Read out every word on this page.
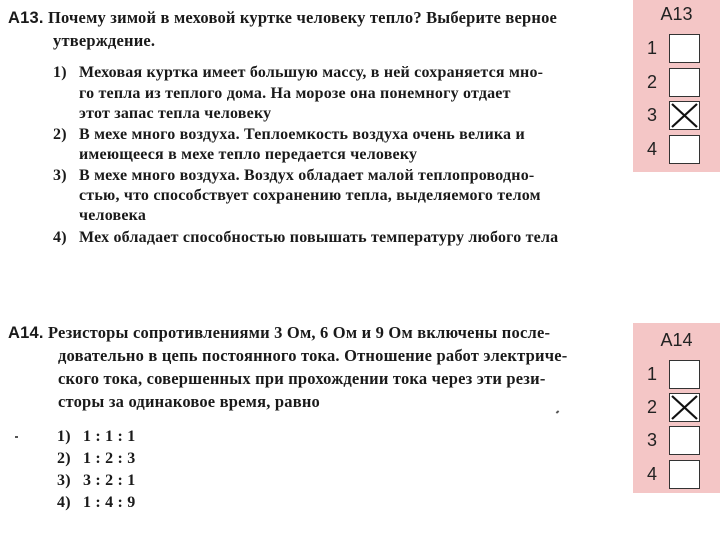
А13. Почему зимой в меховой куртке человеку тепло? Выберите верное
утверждение.
1) Меховая куртка имеет большую массу, в ней сохраняется мно-
го тепла из теплого дома. На морозе она понемногу отдает
этот запас тепла человеку
2) В мехе много воздуха. Теплоемкость воздуха очень велика и
имеющееся в мехе тепло передается человеку
3) В мехе много воздуха. Воздух обладает малой теплопроводно-
стью, что способствует сохранению тепла, выделяемого телом
человека
4) Мех обладает способностью повышать температуру любого тела
А14. Резисторы сопротивлениями 3 Ом, 6 Ом и 9 Ом включены после-
довательно в цепь постоянного тока. Отношение работ электриче-
ского тока, совершенных при прохождении тока через эти рези-
сторы за одинаковое время, равно
1) 1 : 1 : 1
2) 1 : 2 : 3
3) 3 : 2 : 1
4) 1 : 4 : 9
A13
1
2
3
4
A14
1
2
3
4
